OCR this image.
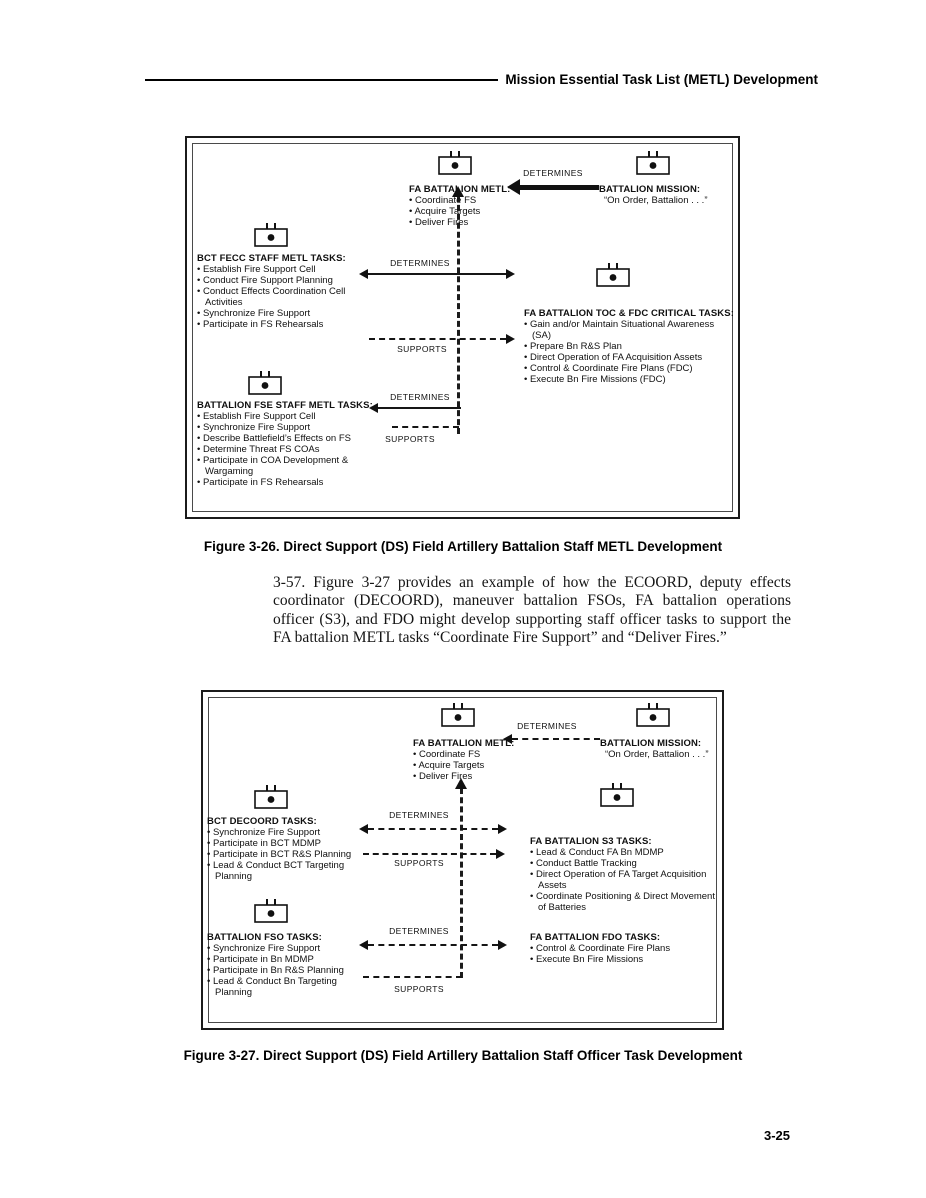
Mission Essential Task List (METL) Development
DETERMINES
FA BATTALION METL:
• Coordinate FS
• Acquire Targets
• Deliver Fires
BATTALION MISSION:
“On Order, Battalion . . .”
BCT FECC STAFF METL TASKS:
• Establish Fire Support Cell
• Conduct Fire Support Planning
• Conduct Effects Coordination Cell Activities
• Synchronize Fire Support
• Participate in FS Rehearsals
DETERMINES
FA BATTALION TOC & FDC CRITICAL TASKS:
• Gain and/or Maintain Situational Awareness (SA)
• Prepare Bn R&S Plan
• Direct Operation of FA Acquisition Assets
• Control & Coordinate Fire Plans (FDC)
• Execute Bn Fire Missions (FDC)
SUPPORTS
BATTALION FSE STAFF METL TASKS:
• Establish Fire Support Cell
• Synchronize Fire Support
• Describe Battlefield’s Effects on FS
• Determine Threat FS COAs
• Participate in COA Development & Wargaming
• Participate in FS Rehearsals
DETERMINES
SUPPORTS
Figure 3-26. Direct Support (DS) Field Artillery Battalion Staff METL Development

3-57. Figure 3-27 provides an example of how the ECOORD, deputy effects coordinator (DECOORD), maneuver battalion FSOs, FA battalion operations officer (S3), and FDO might develop supporting staff officer tasks to support the FA battalion METL tasks “Coordinate Fire Support” and “Deliver Fires.”

DETERMINES
FA BATTALION METL:
• Coordinate FS
• Acquire Targets
• Deliver Fires
BATTALION MISSION:
“On Order, Battalion . . .”
BCT DECOORD TASKS:
• Synchronize Fire Support
• Participate in BCT MDMP
• Participate in BCT R&S Planning
• Lead & Conduct BCT Targeting Planning
DETERMINES
FA BATTALION S3 TASKS:
• Lead & Conduct FA Bn MDMP
• Conduct Battle Tracking
• Direct Operation of FA Target Acquisition Assets
• Coordinate Positioning & Direct Movement of Batteries
SUPPORTS
BATTALION FSO TASKS:
• Synchronize Fire Support
• Participate in Bn MDMP
• Participate in Bn R&S Planning
• Lead & Conduct Bn Targeting Planning
DETERMINES
FA BATTALION FDO TASKS:
• Control & Coordinate Fire Plans
• Execute Bn Fire Missions
SUPPORTS
Figure 3-27. Direct Support (DS) Field Artillery Battalion Staff Officer Task Development
3-25
